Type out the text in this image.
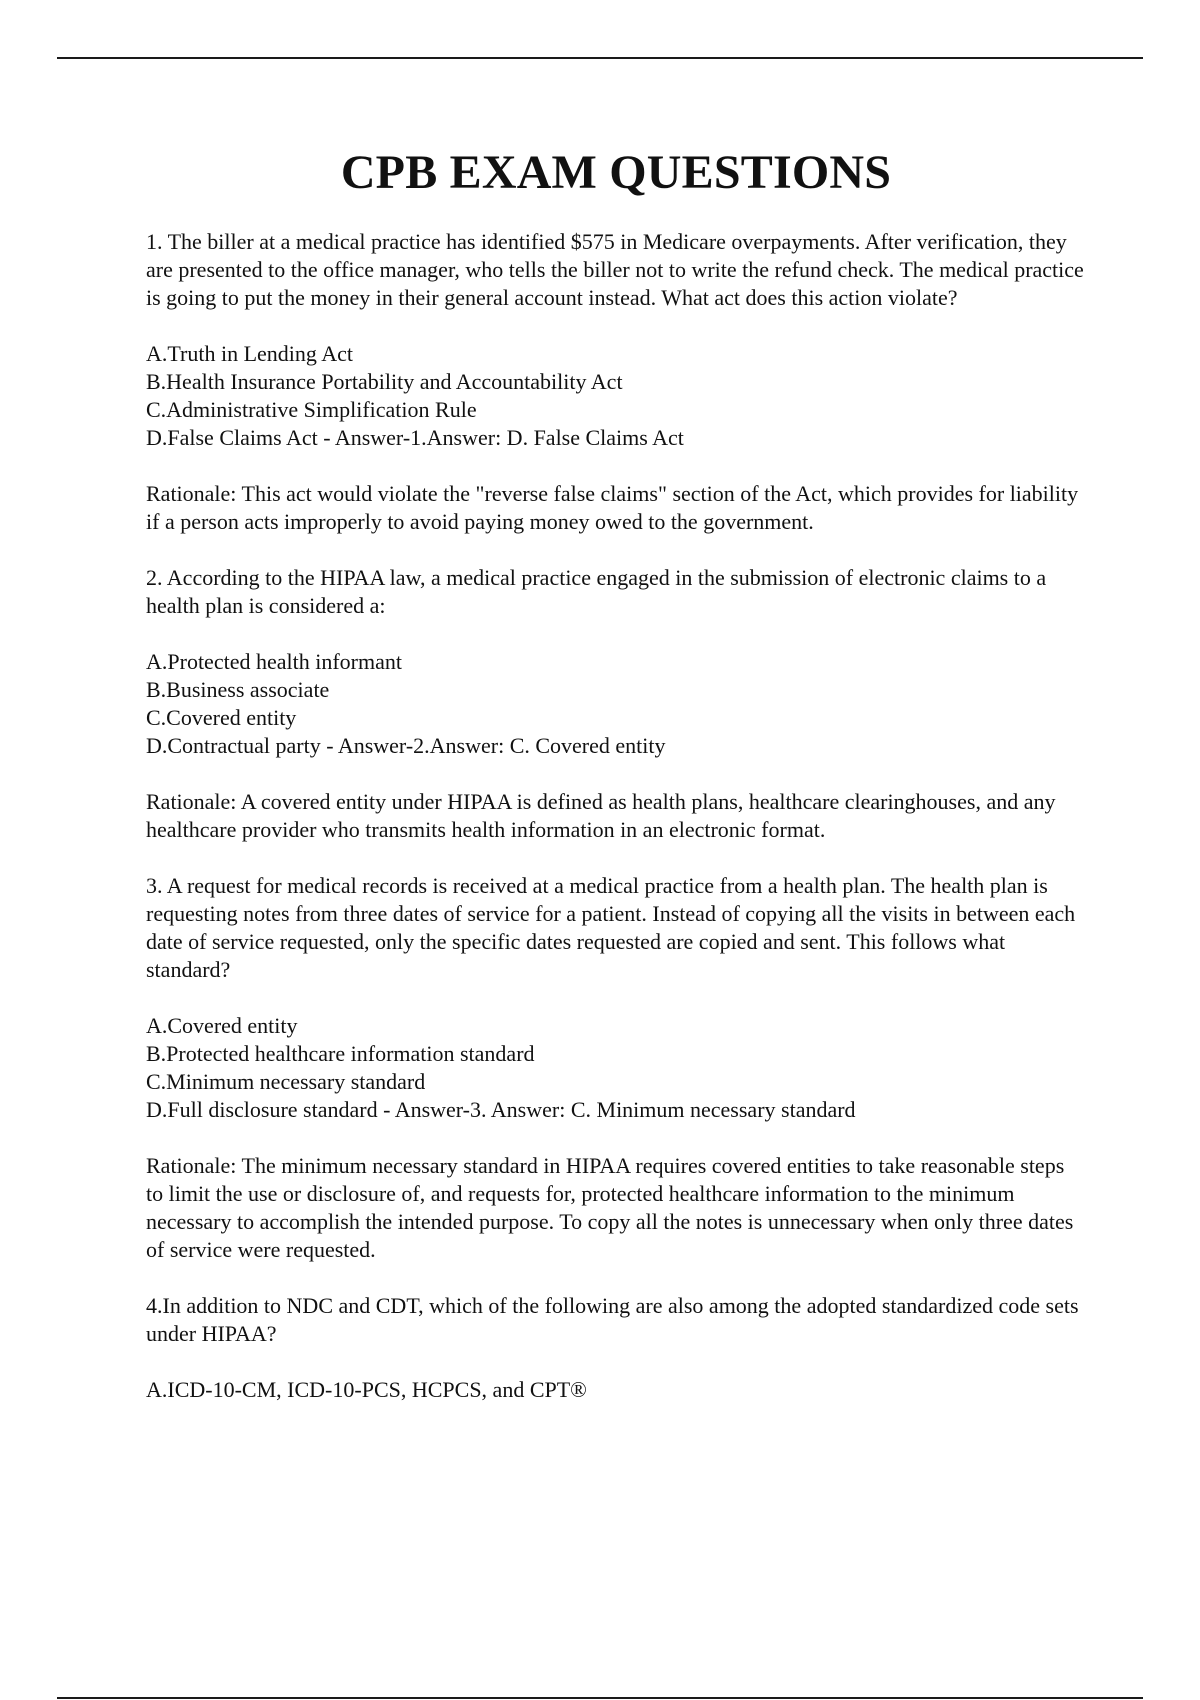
CPB EXAM QUESTIONS

1. The biller at a medical practice has identified $575 in Medicare overpayments. After verification, they are presented to the office manager, who tells the biller not to write the refund check. The medical practice is going to put the money in their general account instead. What act does this action violate?

A.Truth in Lending Act
B.Health Insurance Portability and Accountability Act
C.Administrative Simplification Rule
D.False Claims Act - Answer-1.Answer: D. False Claims Act

Rationale: This act would violate the "reverse false claims" section of the Act, which provides for liability if a person acts improperly to avoid paying money owed to the government.

2. According to the HIPAA law, a medical practice engaged in the submission of electronic claims to a health plan is considered a:

A.Protected health informant
B.Business associate
C.Covered entity
D.Contractual party - Answer-2.Answer: C. Covered entity

Rationale: A covered entity under HIPAA is defined as health plans, healthcare clearinghouses, and any healthcare provider who transmits health information in an electronic format.

3. A request for medical records is received at a medical practice from a health plan. The health plan is requesting notes from three dates of service for a patient. Instead of copying all the visits in between each date of service requested, only the specific dates requested are copied and sent. This follows what standard?

A.Covered entity
B.Protected healthcare information standard
C.Minimum necessary standard
D.Full disclosure standard - Answer-3. Answer: C. Minimum necessary standard

Rationale: The minimum necessary standard in HIPAA requires covered entities to take reasonable steps to limit the use or disclosure of, and requests for, protected healthcare information to the minimum necessary to accomplish the intended purpose. To copy all the notes is unnecessary when only three dates of service were requested.

4.In addition to NDC and CDT, which of the following are also among the adopted standardized code sets under HIPAA?

A.ICD-10-CM, ICD-10-PCS, HCPCS, and CPT®
